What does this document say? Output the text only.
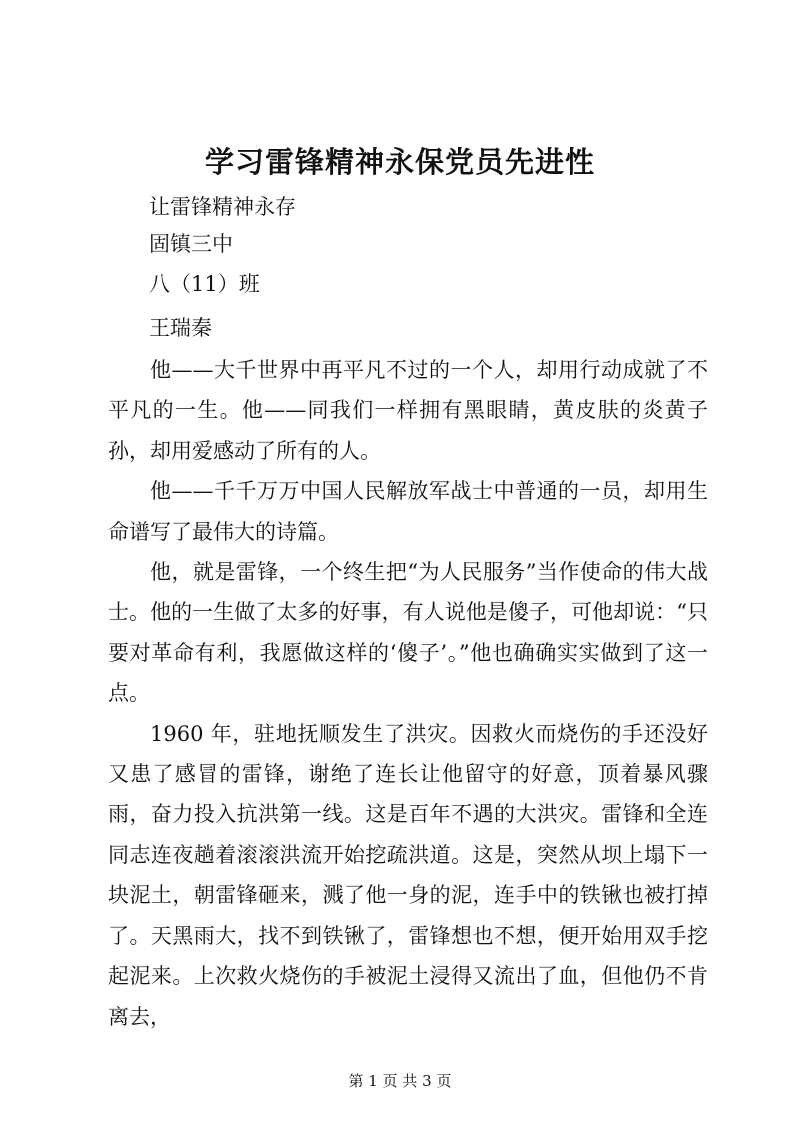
学习雷锋精神永保党员先进性
让雷锋精神永存
固镇三中
八（11）班
王瑞秦

他——大千世界中再平凡不过的一个人，却用行动成就了不平凡的一生。他——同我们一样拥有黑眼睛，黄皮肤的炎黄子孙，却用爱感动了所有的人。

他——千千万万中国人民解放军战士中普通的一员，却用生命谱写了最伟大的诗篇。

他，就是雷锋，一个终生把“为人民服务”当作使命的伟大战士。他的一生做了太多的好事，有人说他是傻子，可他却说：“只要对革命有利，我愿做这样的‘傻子’。”他也确确实实做到了这一点。

1960 年，驻地抚顺发生了洪灾。因救火而烧伤的手还没好又患了感冒的雷锋，谢绝了连长让他留守的好意，顶着暴风骤雨，奋力投入抗洪第一线。这是百年不遇的大洪灾。雷锋和全连同志连夜趟着滚滚洪流开始挖疏洪道。这是，突然从坝上塌下一块泥土，朝雷锋砸来，溅了他一身的泥，连手中的铁锹也被打掉了。天黑雨大，找不到铁锹了，雷锋想也不想，便开始用双手挖起泥来。上次救火烧伤的手被泥土浸得又流出了血，但他仍不肯离去，

第 1 页 共 3 页
